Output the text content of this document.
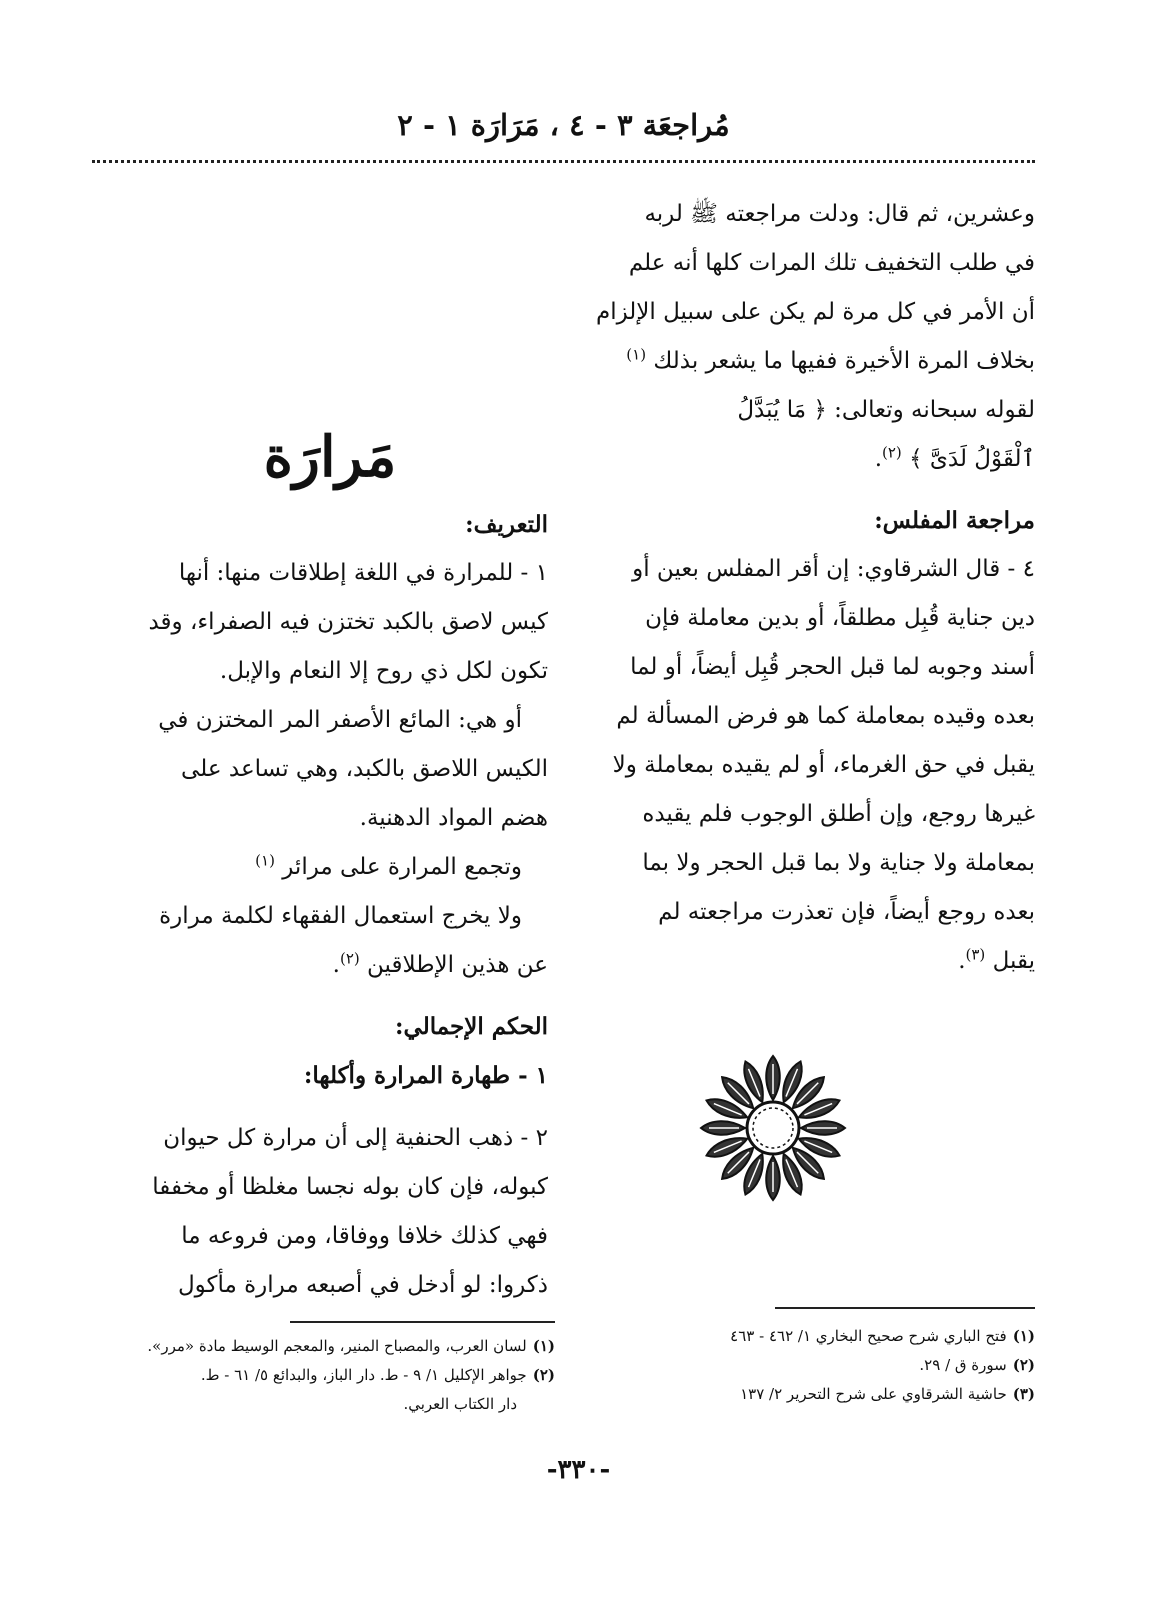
مُراجعَة ٣ - ٤ ، مَرَارَة ١ - ٢

وعشرين، ثم قال: ودلت مراجعته ﷺ لربه

في طلب التخفيف تلك المرات كلها أنه علم

أن الأمر في كل مرة لم يكن على سبيل الإلزام

بخلاف المرة الأخيرة ففيها ما يشعر بذلك $^{(١)}$

لقوله سبحانه وتعالى: ﴿ مَا يُبَدَّلُ

ٱلْقَوْلُ لَدَىَّ ﴾ $^{(٢)}$.

مراجعة المفلس:

٤ - قال الشرقاوي: إن أقر المفلس بعين أو

دين جناية قُبِل مطلقاً، أو بدين معاملة فإن

أسند وجوبه لما قبل الحجر قُبِل أيضاً، أو لما

بعده وقيده بمعاملة كما هو فرض المسألة لم

يقبل في حق الغرماء، أو لم يقيده بمعاملة ولا

غيرها روجع، وإن أطلق الوجوب فلم يقيده

بمعاملة ولا جناية ولا بما قبل الحجر ولا بما

بعده روجع أيضاً، فإن تعذرت مراجعته لم

يقبل $^{(٣)}$.

مَرارَة

التعريف:

١ - للمرارة في اللغة إطلاقات منها: أنها

كيس لاصق بالكبد تختزن فيه الصفراء، وقد

تكون لكل ذي روح إلا النعام والإبل.

أو هي: المائع الأصفر المر المختزن في

الكيس اللاصق بالكبد، وهي تساعد على

هضم المواد الدهنية.

وتجمع المرارة على مرائر $^{(١)}$

ولا يخرج استعمال الفقهاء لكلمة مرارة

عن هذين الإطلاقين $^{(٢)}$.

الحكم الإجمالي:

١ - طهارة المرارة وأكلها:

٢ - ذهب الحنفية إلى أن مرارة كل حيوان

كبوله، فإن كان بوله نجسا مغلظا أو مخففا

فهي كذلك خلافا ووفاقا، ومن فروعه ما

ذكروا: لو أدخل في أصبعه مرارة مأكول

(١)فتح الباري شرح صحيح البخاري ١/ ٤٦٢ - ٤٦٣

(٢)سورة ق / ٢٩.

(٣)حاشية الشرقاوي على شرح التحرير ٢/ ١٣٧

(١)لسان العرب، والمصباح المنير، والمعجم الوسيط مادة «مرر».

(٢)جواهر الإكليل ١/ ٩ - ط. دار الباز، والبدائع ٥/ ٦١ - ط.

دار الكتاب العربي.

-٣٣٠-
